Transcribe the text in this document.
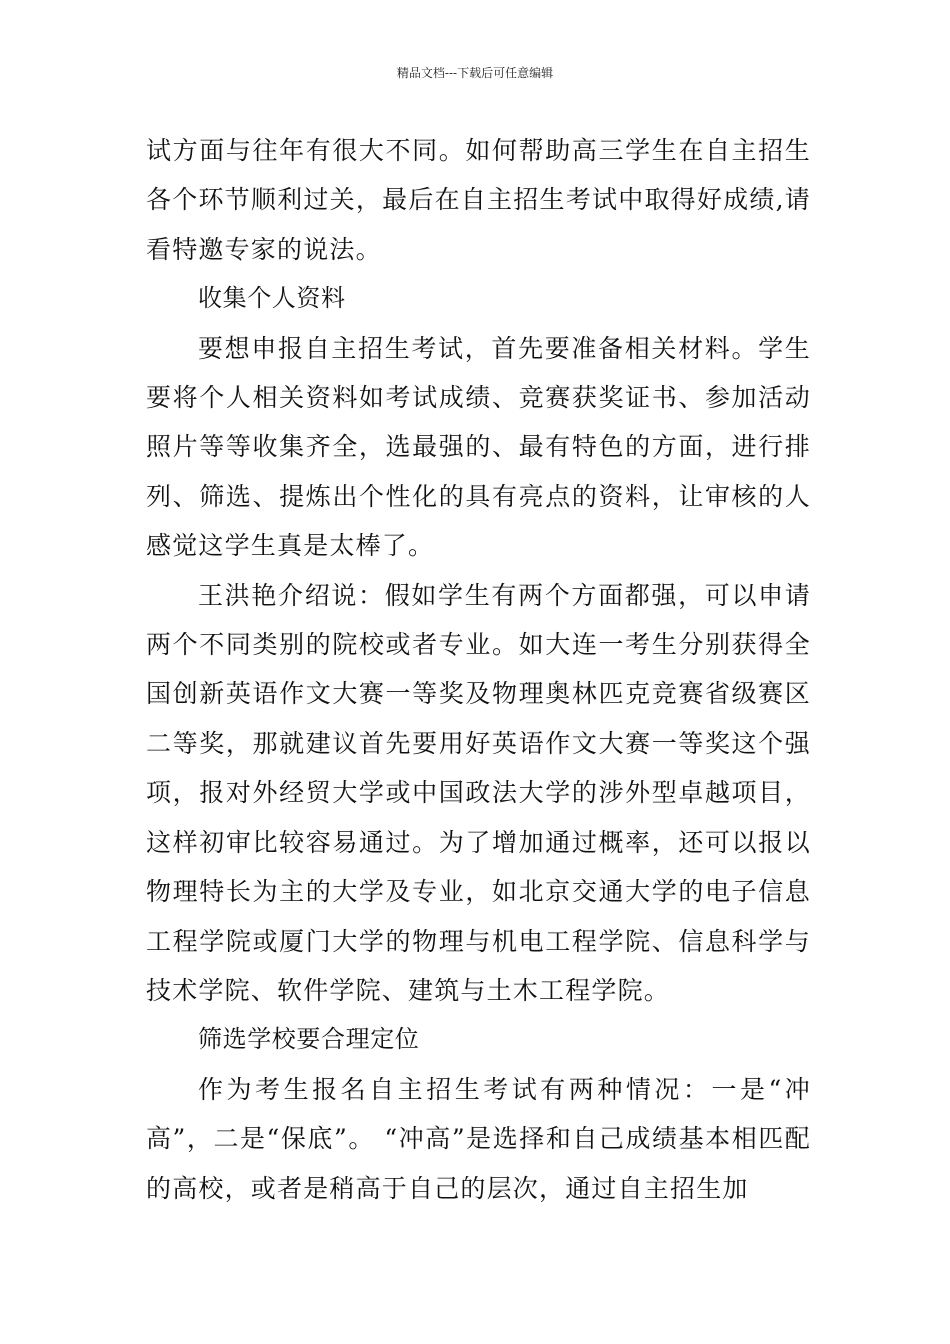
精品文档---下载后可任意编辑

试方面与往年有很大不同。如何帮助高三学生在自主招生各个环节顺利过关，最后在自主招生考试中取得好成绩,请看特邀专家的说法。

收集个人资料

要想申报自主招生考试，首先要准备相关材料。学生要将个人相关资料如考试成绩、竞赛获奖证书、参加活动照片等等收集齐全，选最强的、最有特色的方面，进行排列、筛选、提炼出个性化的具有亮点的资料，让审核的人感觉这学生真是太棒了。

王洪艳介绍说：假如学生有两个方面都强，可以申请两个不同类别的院校或者专业。如大连一考生分别获得全国创新英语作文大赛一等奖及物理奥林匹克竞赛省级赛区二等奖，那就建议首先要用好英语作文大赛一等奖这个强项，报对外经贸大学或中国政法大学的涉外型卓越项目，这样初审比较容易通过。为了增加通过概率，还可以报以物理特长为主的大学及专业，如北京交通大学的电子信息工程学院或厦门大学的物理与机电工程学院、信息科学与技术学院、软件学院、建筑与土木工程学院。

筛选学校要合理定位

作为考生报名自主招生考试有两种情况：一是“冲高”，二是“保底”。 “冲高”是选择和自己成绩基本相匹配的高校，或者是稍高于自己的层次，通过自主招生加
